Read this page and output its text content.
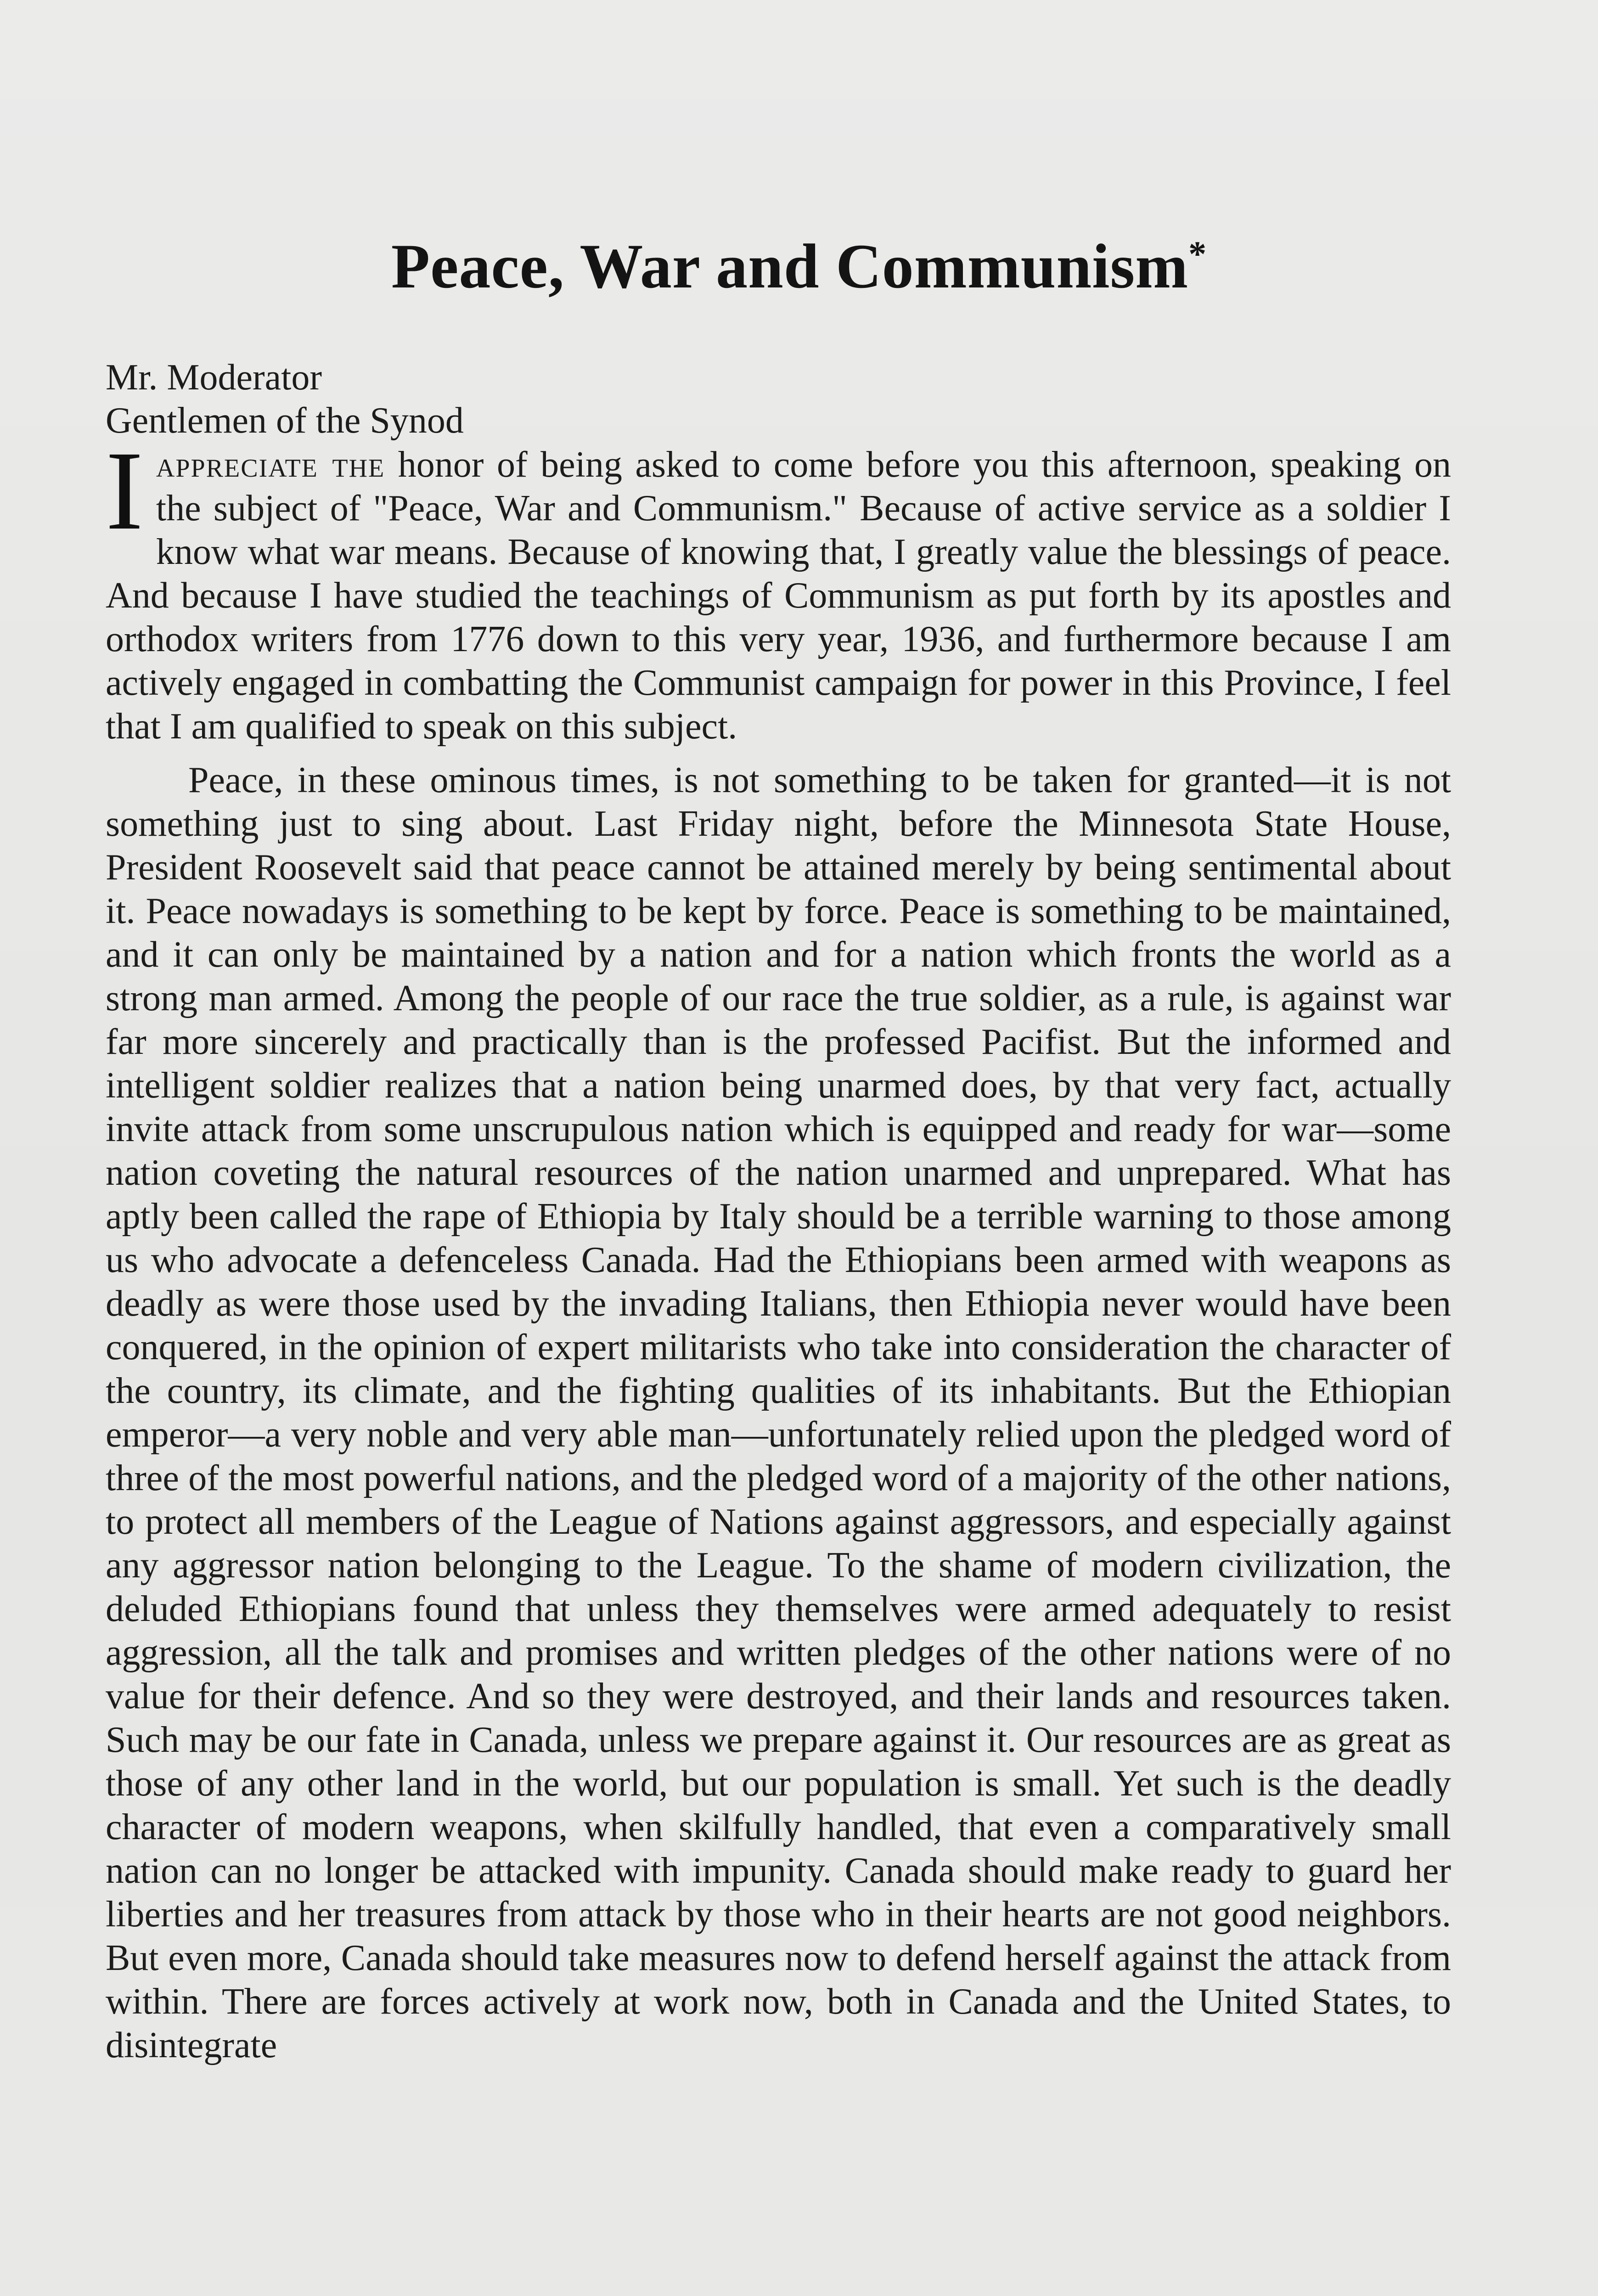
Peace, War and Communism*
Mr. Moderator
Gentlemen of the Synod

Iappreciate the honor of being asked to come before you this afternoon, speaking on the subject of "Peace, War and Communism." Because of active service as a soldier I know what war means. Because of knowing that, I greatly value the blessings of peace. And because I have studied the teachings of Communism as put forth by its apostles and orthodox writers from 1776 down to this very year, 1936, and furthermore because I am actively engaged in combatting the Communist campaign for power in this Province, I feel that I am qualified to speak on this subject.

Peace, in these ominous times, is not something to be taken for granted—it is not something just to sing about. Last Friday night, before the Minnesota State House, President Roosevelt said that peace cannot be attained merely by being sentimental about it. Peace nowadays is something to be kept by force. Peace is something to be maintained, and it can only be maintained by a nation and for a nation which fronts the world as a strong man armed. Among the people of our race the true soldier, as a rule, is against war far more sincerely and practically than is the professed Pacifist. But the informed and intelligent soldier realizes that a nation being unarmed does, by that very fact, actually invite attack from some unscrupulous nation which is equipped and ready for war—some nation coveting the natural resources of the nation unarmed and unprepared. What has aptly been called the rape of Ethiopia by Italy should be a terrible warning to those among us who advocate a defenceless Canada. Had the Ethiopians been armed with weapons as deadly as were those used by the invading Italians, then Ethiopia never would have been conquered, in the opinion of expert militarists who take into consideration the character of the country, its climate, and the fighting qualities of its inhabitants. But the Ethiopian emperor—a very noble and very able man—unfortunately relied upon the pledged word of three of the most powerful nations, and the pledged word of a majority of the other nations, to protect all members of the League of Nations against aggressors, and especially against any aggressor nation belonging to the League. To the shame of modern civilization, the deluded Ethiopians found that unless they themselves were armed adequately to resist aggression, all the talk and promises and written pledges of the other nations were of no value for their defence. And so they were destroyed, and their lands and resources taken. Such may be our fate in Canada, unless we prepare against it. Our resources are as great as those of any other land in the world, but our population is small. Yet such is the deadly character of modern weapons, when skilfully handled, that even a comparatively small nation can no longer be attacked with impunity. Canada should make ready to guard her liberties and her treasures from attack by those who in their hearts are not good neighbors. But even more, Canada should take measures now to defend herself against the attack from within. There are forces actively at work now, both in Canada and the United States, to disintegrate
